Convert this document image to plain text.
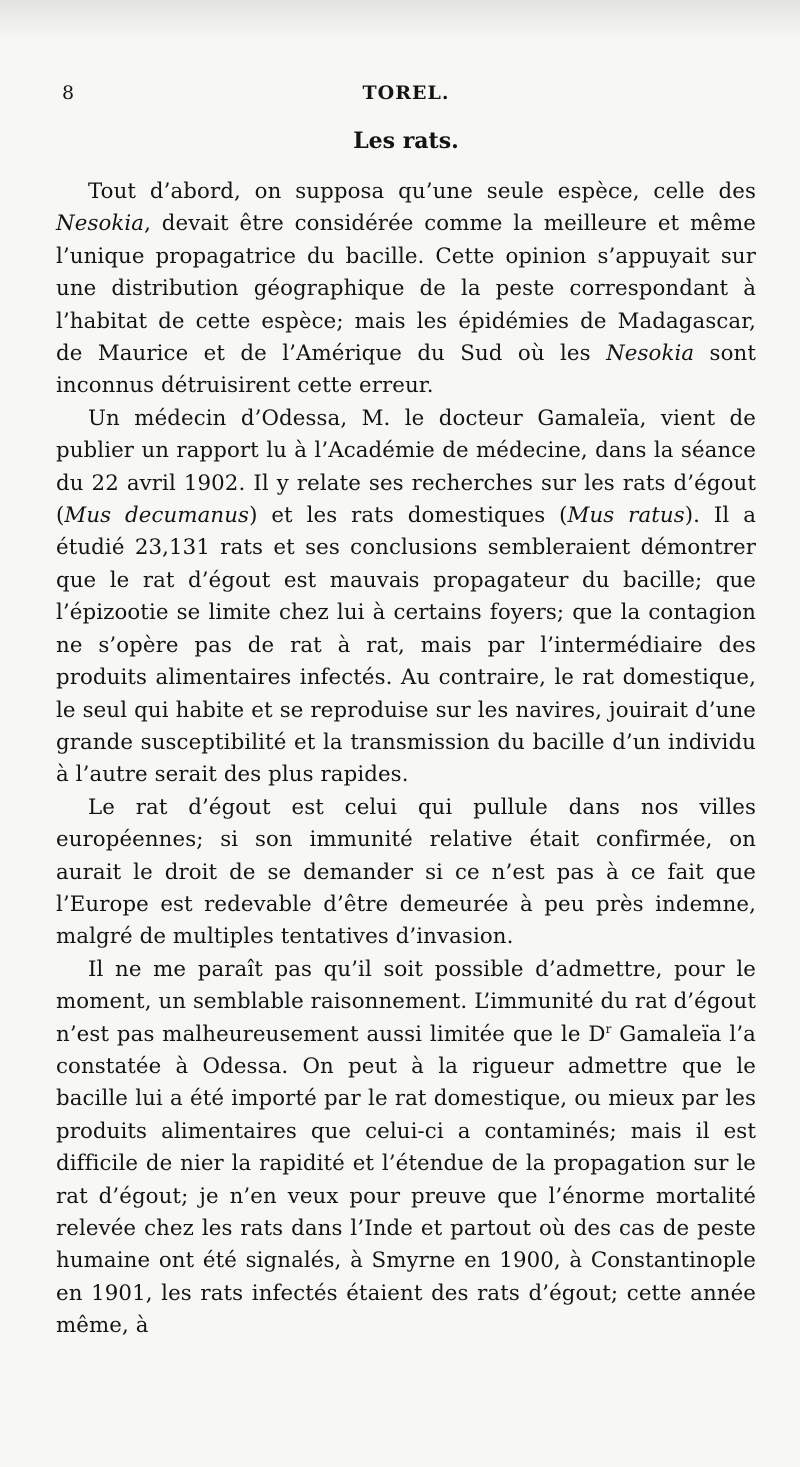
8	TOREL.
Les rats.

Tout d’abord, on supposa qu’une seule espèce, celle des Nesokia, devait être considérée comme la meilleure et même l’unique propagatrice du bacille. Cette opinion s’appuyait sur une distribution géographique de la peste correspondant à l’habitat de cette espèce; mais les épidémies de Madagascar, de Maurice et de l’Amérique du Sud où les Nesokia sont inconnus détruisirent cette erreur.

Un médecin d’Odessa, M. le docteur Gamaleïa, vient de publier un rapport lu à l’Académie de médecine, dans la séance du 22 avril 1902. Il y relate ses recherches sur les rats d’égout (Mus decumanus) et les rats domestiques (Mus ratus). Il a étudié 23,131 rats et ses conclusions sembleraient démontrer que le rat d’égout est mauvais propagateur du bacille; que l’épizootie se limite chez lui à certains foyers; que la contagion ne s’opère pas de rat à rat, mais par l’intermédiaire des produits alimentaires infectés. Au contraire, le rat domestique, le seul qui habite et se reproduise sur les navires, jouirait d’une grande susceptibilité et la transmission du bacille d’un individu à l’autre serait des plus rapides.

Le rat d’égout est celui qui pullule dans nos villes européennes; si son immunité relative était confirmée, on aurait le droit de se demander si ce n’est pas à ce fait que l’Europe est redevable d’être demeurée à peu près indemne, malgré de multiples tentatives d’invasion.

Il ne me paraît pas qu’il soit possible d’admettre, pour le moment, un semblable raisonnement. L’immunité du rat d’égout n’est pas malheureusement aussi limitée que le $D^r$ Gamaleïa l’a constatée à Odessa. On peut à la rigueur admettre que le bacille lui a été importé par le rat domestique, ou mieux par les produits alimentaires que celui-ci a contaminés; mais il est difficile de nier la rapidité et l’étendue de la propagation sur le rat d’égout; je n’en veux pour preuve que l’énorme mortalité relevée chez les rats dans l’Inde et partout où des cas de peste humaine ont été signalés, à Smyrne en 1900, à Constantinople en 1901, les rats infectés étaient des rats d’égout; cette année même, à
